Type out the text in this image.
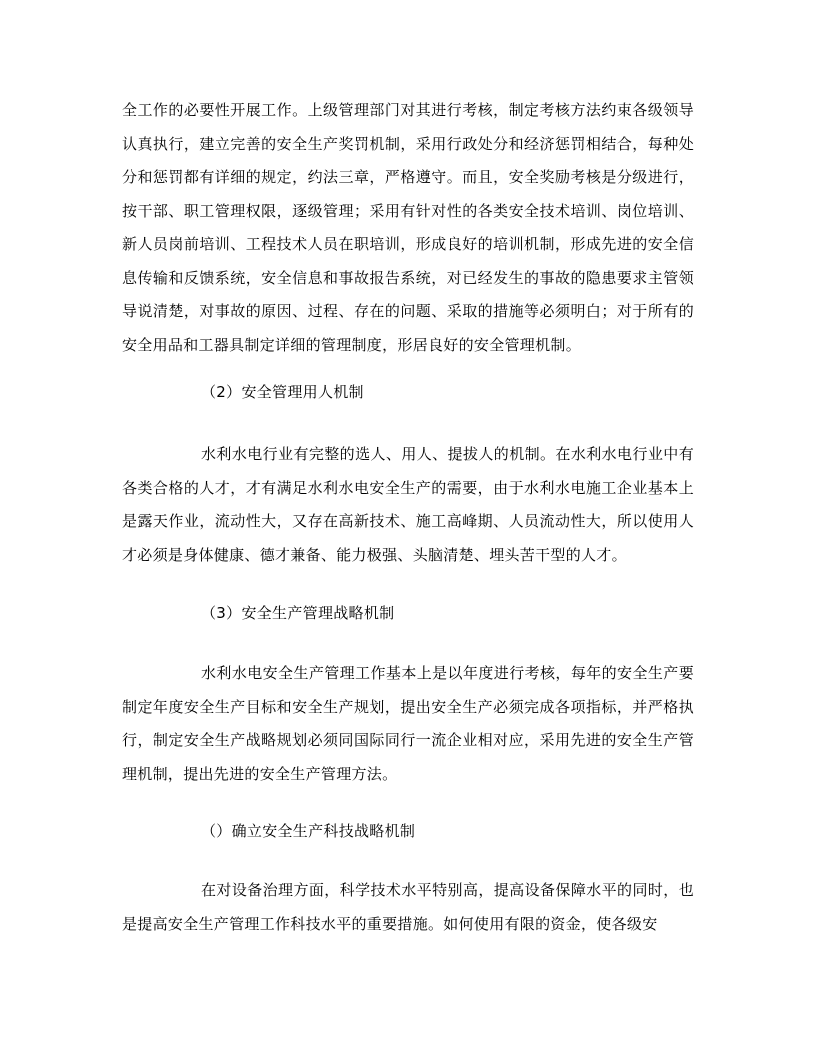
全工作的必要性开展工作。上级管理部门对其进行考核，制定考核方法约束各级领导认真执行，建立完善的安全生产奖罚机制，采用行政处分和经济惩罚相结合，每种处分和惩罚都有详细的规定，约法三章，严格遵守。而且，安全奖励考核是分级进行，按干部、职工管理权限，逐级管理；采用有针对性的各类安全技术培训、岗位培训、新人员岗前培训、工程技术人员在职培训，形成良好的培训机制，形成先进的安全信息传输和反馈系统，安全信息和事故报告系统，对已经发生的事故的隐患要求主管领导说清楚，对事故的原因、过程、存在的问题、采取的措施等必须明白；对于所有的安全用品和工器具制定详细的管理制度，形居良好的安全管理机制。

（2）安全管理用人机制

水利水电行业有完整的选人、用人、提拔人的机制。在水利水电行业中有各类合格的人才，才有满足水利水电安全生产的需要，由于水利水电施工企业基本上是露天作业，流动性大，又存在高新技术、施工高峰期、人员流动性大，所以使用人才必须是身体健康、德才兼备、能力极强、头脑清楚、埋头苦干型的人才。

（3）安全生产管理战略机制

水利水电安全生产管理工作基本上是以年度进行考核，每年的安全生产要制定年度安全生产目标和安全生产规划，提出安全生产必须完成各项指标，并严格执行，制定安全生产战略规划必须同国际同行一流企业相对应，采用先进的安全生产管理机制，提出先进的安全生产管理方法。

（）确立安全生产科技战略机制

在对设备治理方面，科学技术水平特别高，提高设备保障水平的同时，也是提高安全生产管理工作科技水平的重要措施。如何使用有限的资金，使各级安
